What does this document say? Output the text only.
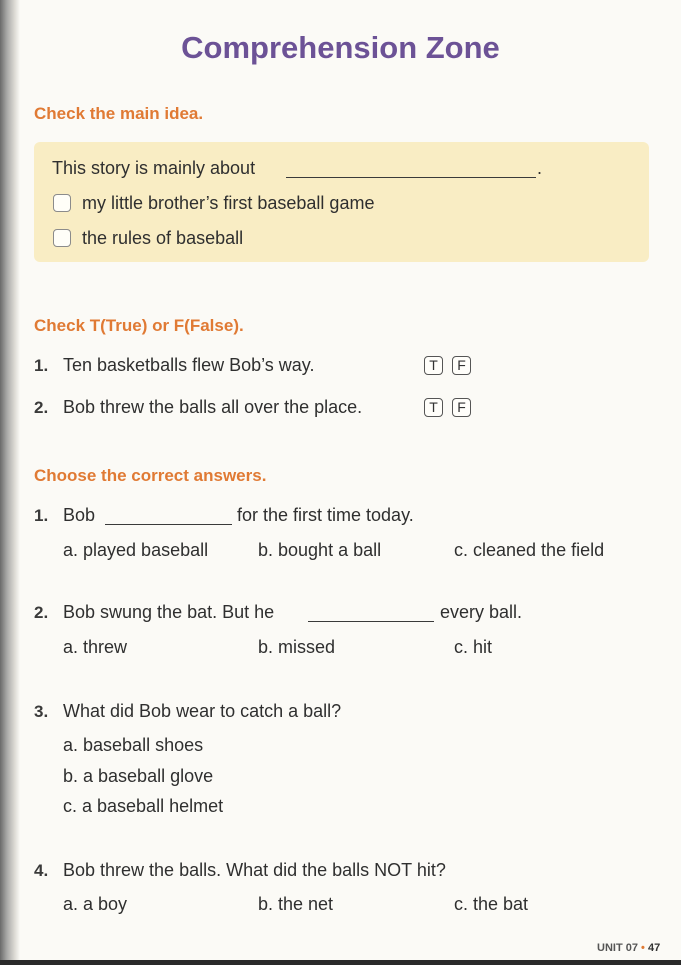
Comprehension Zone
Check the main idea.
This story is mainly about	.
my little brother’s first baseball game
the rules of baseball
Check T(True) or F(False).
1. Ten basketballs flew Bob’s way.	T	F
2. Bob threw the balls all over the place.	T	F
Choose the correct answers.
1. Bob	for the first time today.
a. played baseball	b. bought a ball	c. cleaned the field
2. Bob swung the bat. But he	every ball.
a. threw	b. missed	c. hit
3. What did Bob wear to catch a ball?
a. baseball shoes
b. a baseball glove
c. a baseball helmet
4. Bob threw the balls. What did the balls NOT hit?
a. a boy	b. the net	c. the bat
UNIT 07 • 47
